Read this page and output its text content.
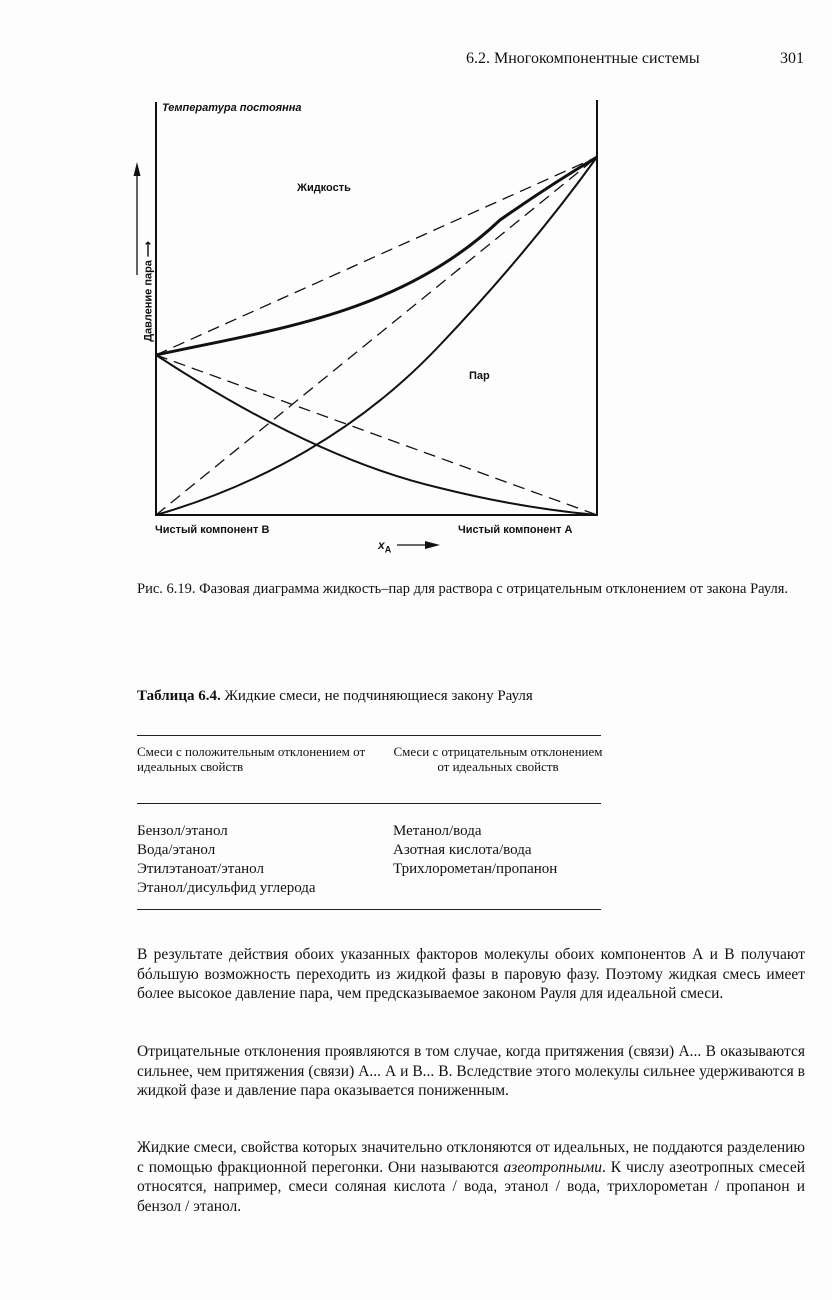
6.2. Многокомпонентные системы	301
Температура постоянна
Жидкость
Пар
Давление пара ⟶
Чистый компонент В	Чистый компонент А
$x_A$
Рис. 6.19. Фазовая диаграмма жидкость–пар для раствора с отрицательным отклонением от закона Рауля.
Таблица 6.4. Жидкие смеси, не подчиняющиеся закону Рауля
Смеси с положительным отклонением от идеальных свойств
Смеси с отрицательным отклонением от идеальных свойств
Бензол/этанол
Вода/этанол
Этилэтаноат/этанол
Этанол/дисульфид углерода
Метанол/вода
Азотная кислота/вода
Трихлорометан/пропанон

В результате действия обоих указанных факторов молекулы обоих компонентов А и В получают бóльшую возможность переходить из жидкой фазы в паровую фазу. Поэтому жидкая смесь имеет более высокое давление пара, чем предсказываемое законом Рауля для идеальной смеси.

Отрицательные отклонения проявляются в том случае, когда притяжения (связи) А... В оказываются сильнее, чем притяжения (связи) А... А и В... В. Вследствие этого молекулы сильнее удерживаются в жидкой фазе и давление пара оказывается пониженным.

Жидкие смеси, свойства которых значительно отклоняются от идеальных, не поддаются разделению с помощью фракционной перегонки. Они называются азеотропными. К числу азеотропных смесей относятся, например, смеси соляная кислота / вода, этанол / вода, трихлорометан / пропанон и бензол / этанол.
